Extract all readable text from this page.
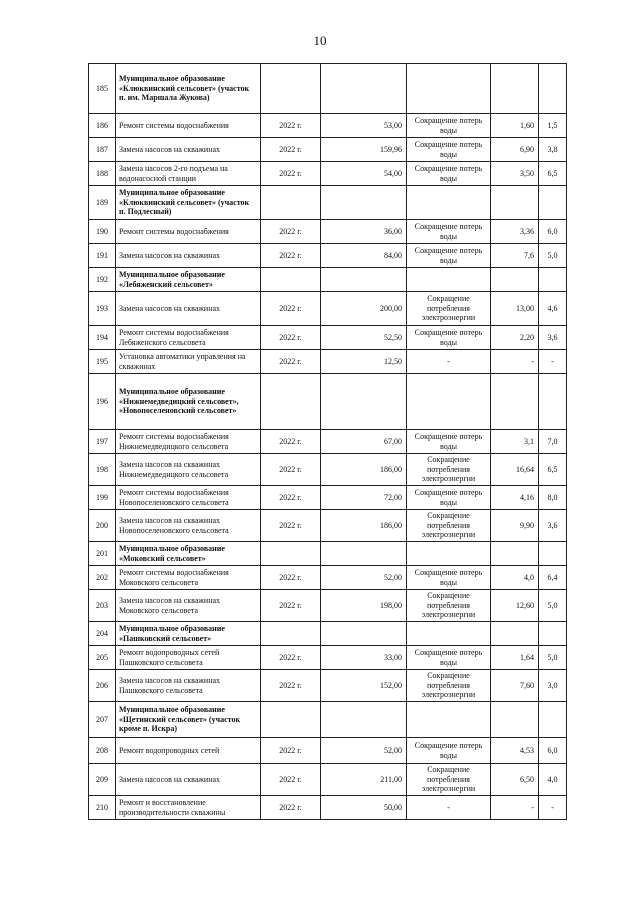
10
185	Муниципальное образование «Клюквинский сельсовет» (участок п. им. Маршала Жукова)					
186	Ремонт системы водоснабжения	2022 г.	53,00	Сокращение потерь воды	1,60	1,5
187	Замена насосов на скважинах	2022 г.	159,96	Сокращение потерь воды	6,90	3,8
188	Замена насосов 2-го подъема на водонасосной станции	2022 г.	54,00	Сокращение потерь воды	3,50	6,5
189	Муниципальное образование «Клюквинский сельсовет» (участок п. Подлесный)					
190	Ремонт системы водоснабжения	2022 г.	36,00	Сокращение потерь воды	3,36	6,0
191	Замена насосов на скважинах	2022 г.	84,00	Сокращение потерь воды	7,6	5,0
192	Муниципальное образование «Лебяженский сельсовет»					
193	Замена насосов на скважинах	2022 г.	200,00	Сокращение потребления электроэнергии	13,00	4,6
194	Ремонт системы водоснабжения Лебяженского сельсовета	2022 г.	52,50	Сокращение потерь воды	2,20	3,6
195	Установка автоматики управления на скважинах	2022 г.	12,50	-	-	-
196	Муниципальное образование «Нижнемедведицкий сельсовет», «Новопоселеновский сельсовет»					
197	Ремонт системы водоснабжения Нижнемедведицкого сельсовета	2022 г.	67,00	Сокращение потерь воды	3,1	7,0
198	Замена насосов на скважинах Нижнемедведицкого сельсовета	2022 г.	186,00	Сокращение потребления электроэнергии	16,64	6,5
199	Ремонт системы водоснабжения Новопоселеновского сельсовета	2022 г.	72,00	Сокращение потерь воды	4,16	8,0
200	Замена насосов на скважинах Новопоселеновского сельсовета	2022 г.	186,00	Сокращение потребления электроэнергии	9,90	3,6
201	Муниципальное образование «Моковский сельсовет»					
202	Ремонт системы водоснабжения Моковского сельсовета	2022 г.	52,00	Сокращение потерь воды	4,0	6,4
203	Замена насосов на скважинах Моковского сельсовета	2022 г.	198,00	Сокращение потребления электроэнергии	12,60	5,0
204	Муниципальное образование «Пашковский сельсовет»					
205	Ремонт водопроводных сетей Пашковского сельсовета	2022 г.	33,00	Сокращение потерь воды	1,64	5,0
206	Замена насосов на скважинах Пашковского сельсовета	2022 г.	152,00	Сокращение потребления электроэнергии	7,60	3,0
207	Муниципальное образование «Щетинский сельсовет» (участок кроме п. Искра)					
208	Ремонт водопроводных сетей	2022 г.	52,00	Сокращение потерь воды	4,53	6,0
209	Замена насосов на скважинах	2022 г.	211,00	Сокращение потребления электроэнергии	6,50	4,0
210	Ремонт и восстановление производительности скважины	2022 г.	50,00	-	-	-
